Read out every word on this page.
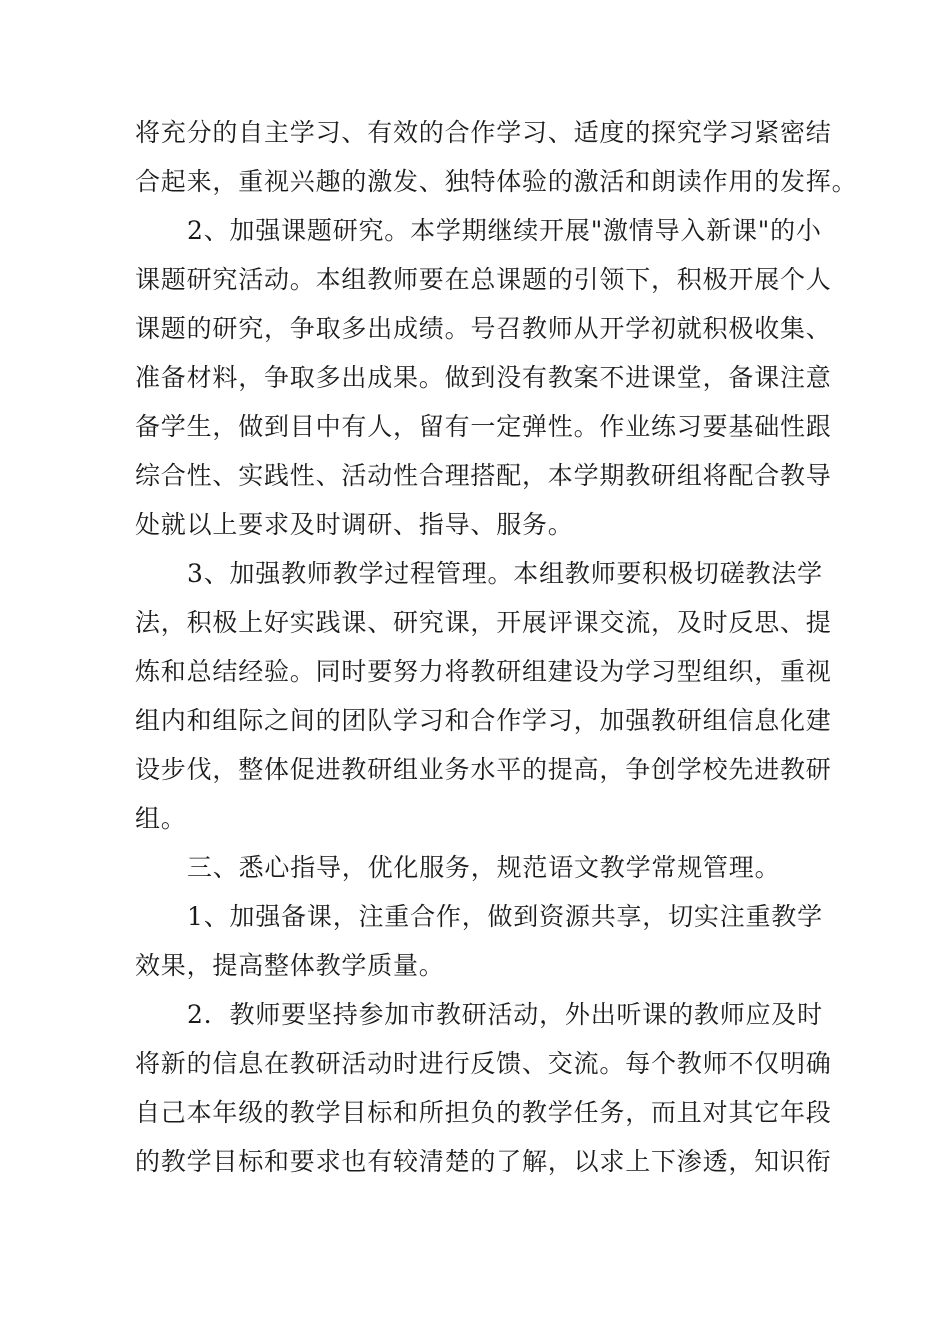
将充分的自主学习、有效的合作学习、适度的探究学习紧密结
合起来，重视兴趣的激发、独特体验的激活和朗读作用的发挥。
2、加强课题研究。本学期继续开展"激情导入新课"的小
课题研究活动。本组教师要在总课题的引领下，积极开展个人
课题的研究，争取多出成绩。号召教师从开学初就积极收集、
准备材料，争取多出成果。做到没有教案不进课堂，备课注意
备学生，做到目中有人，留有一定弹性。作业练习要基础性跟
综合性、实践性、活动性合理搭配，本学期教研组将配合教导
处就以上要求及时调研、指导、服务。
3、加强教师教学过程管理。本组教师要积极切磋教法学
法，积极上好实践课、研究课，开展评课交流，及时反思、提
炼和总结经验。同时要努力将教研组建设为学习型组织，重视
组内和组际之间的团队学习和合作学习，加强教研组信息化建
设步伐，整体促进教研组业务水平的提高，争创学校先进教研
组。
三、悉心指导，优化服务，规范语文教学常规管理。
1、加强备课，注重合作，做到资源共享，切实注重教学
效果，提高整体教学质量。
2．教师要坚持参加市教研活动，外出听课的教师应及时
将新的信息在教研活动时进行反馈、交流。每个教师不仅明确
自己本年级的教学目标和所担负的教学任务，而且对其它年段
的教学目标和要求也有较清楚的了解，以求上下渗透，知识衔
